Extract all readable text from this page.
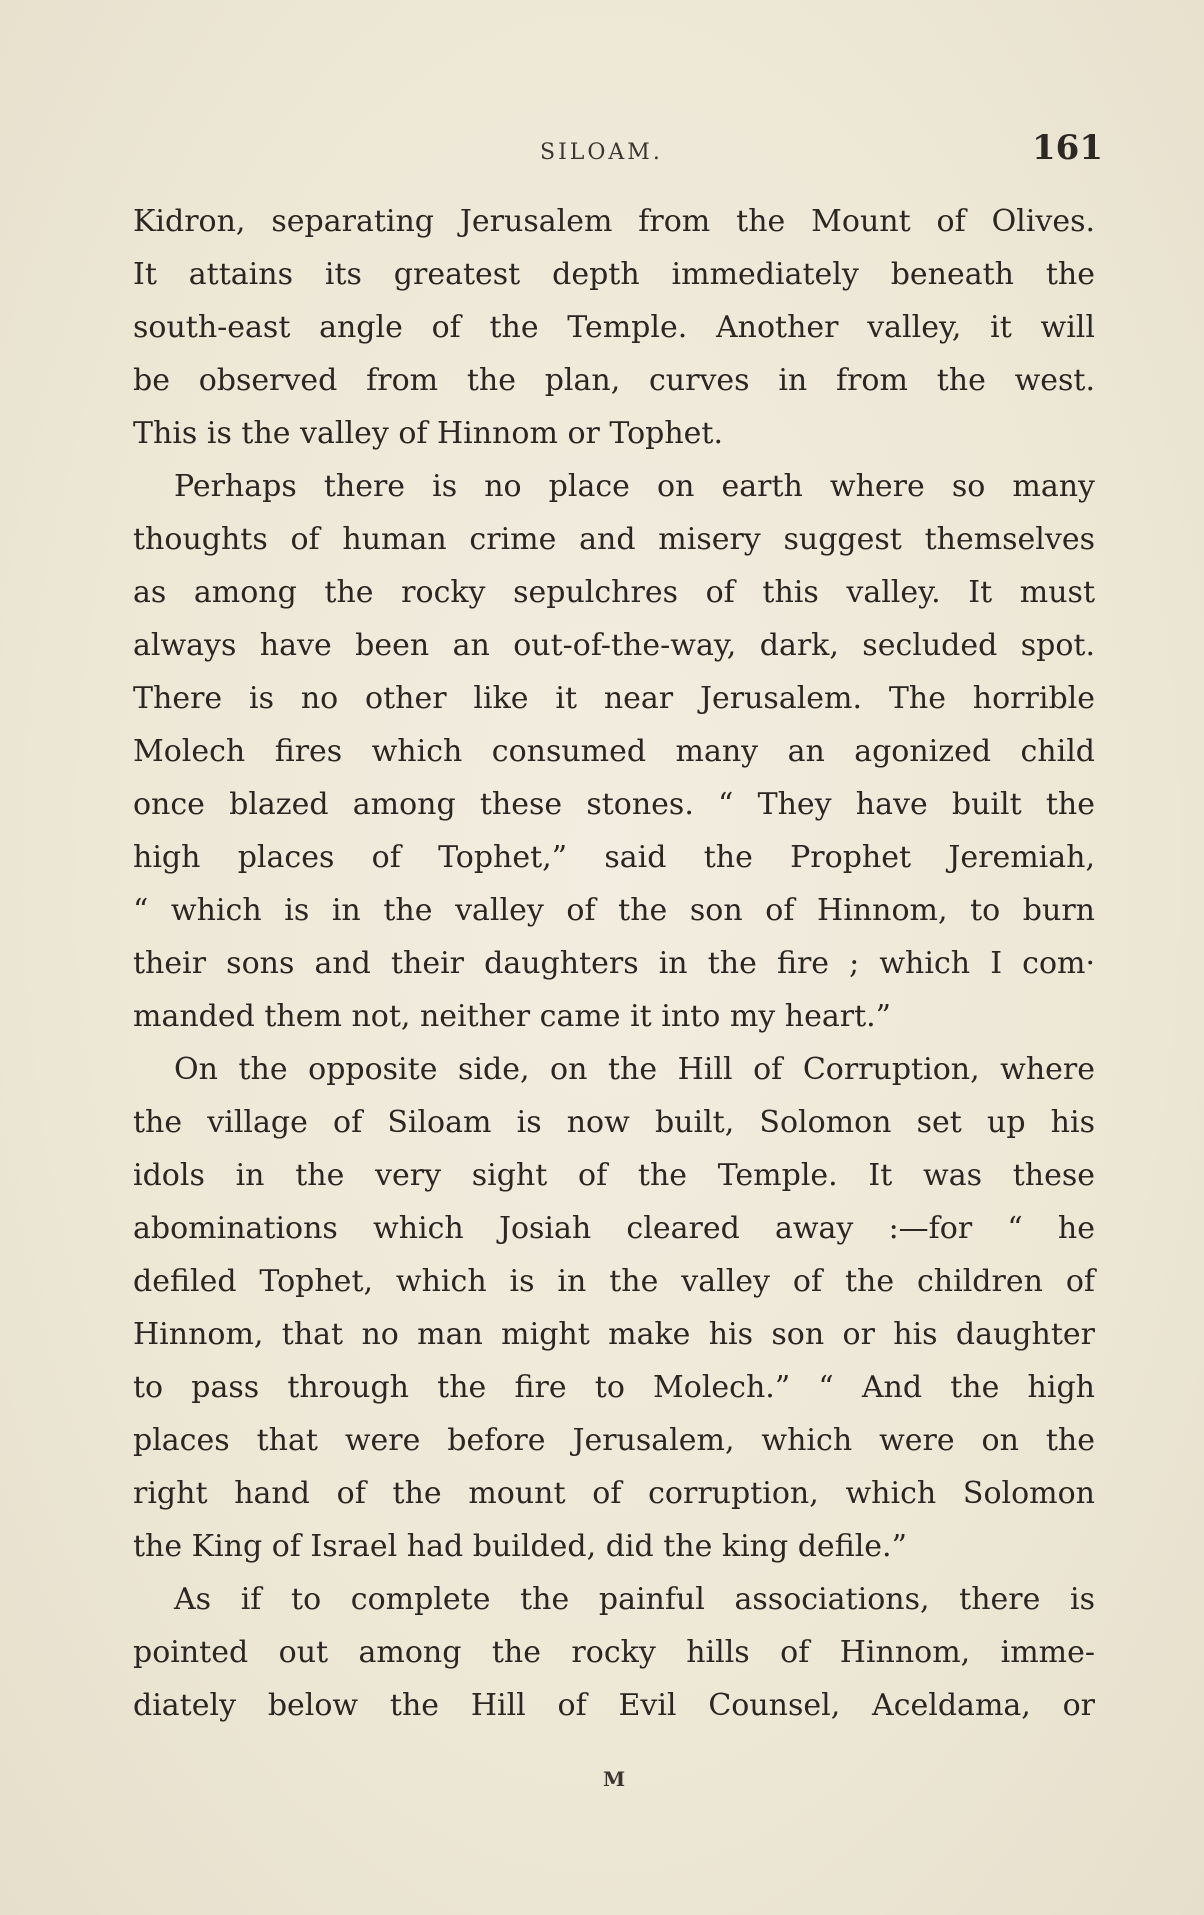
SILOAM.	161
Kidron, separating Jerusalem from the Mount of Olives.
It attains its greatest depth immediately beneath the
south-east angle of the Temple. Another valley, it will
be observed from the plan, curves in from the west.
This is the valley of Hinnom or Tophet.
Perhaps there is no place on earth where so many
thoughts of human crime and misery suggest themselves
as among the rocky sepulchres of this valley. It must
always have been an out-of-the-way, dark, secluded spot.
There is no other like it near Jerusalem. The horrible
Molech fires which consumed many an agonized child
once blazed among these stones. “ They have built the
high places of Tophet,” said the Prophet Jeremiah,
“ which is in the valley of the son of Hinnom, to burn
their sons and their daughters in the fire ; which I com·
manded them not, neither came it into my heart.”
On the opposite side, on the Hill of Corruption, where
the village of Siloam is now built, Solomon set up his
idols in the very sight of the Temple. It was these
abominations which Josiah cleared away :—for “ he
defiled Tophet, which is in the valley of the children of
Hinnom, that no man might make his son or his daughter
to pass through the fire to Molech.” “ And the high
places that were before Jerusalem, which were on the
right hand of the mount of corruption, which Solomon
the King of Israel had builded, did the king defile.”
As if to complete the painful associations, there is
pointed out among the rocky hills of Hinnom, imme-
diately below the Hill of Evil Counsel, Aceldama, or
M
